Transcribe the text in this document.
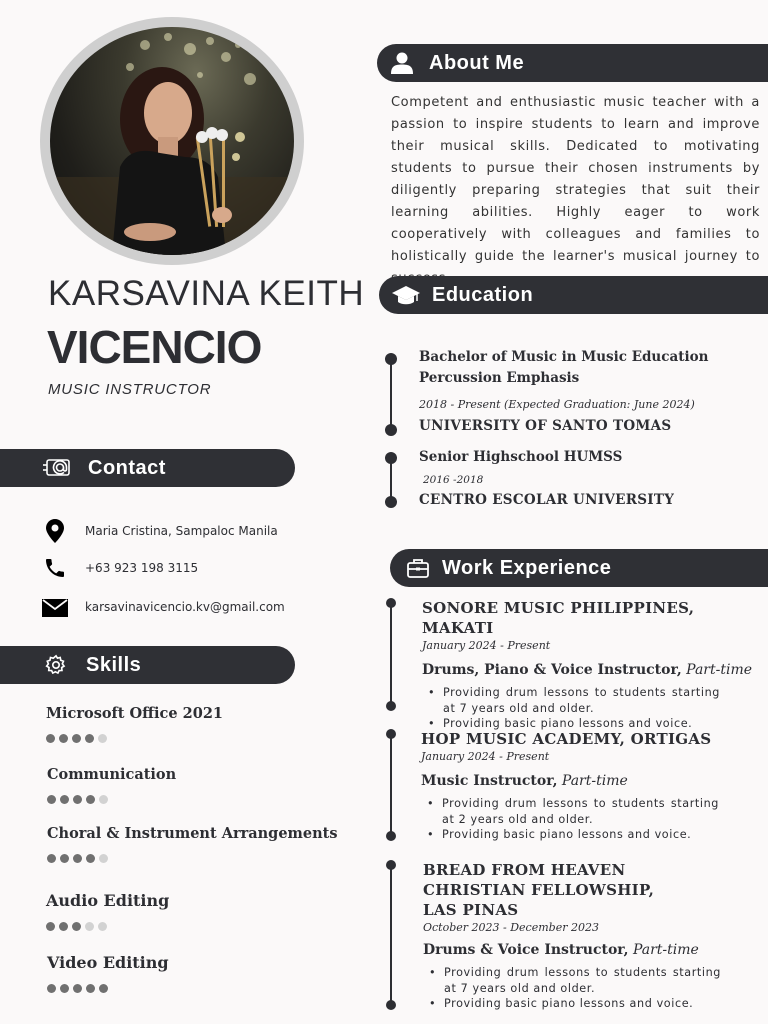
KARSAVINA KEITH
VICENCIO
MUSIC INSTRUCTOR
Contact
Maria Cristina, Sampaloc Manila
+63 923 198 3115
karsavinavicencio.kv@gmail.com
Skills
Microsoft Office 2021
Communication
Choral & Instrument Arrangements
Audio Editing
Video Editing
About Me
Competent and enthusiastic music teacher with a passion to inspire students to learn and improve their musical skills. Dedicated to motivating students to pursue their chosen instruments by diligently preparing strategies that suit their learning abilities. Highly eager to work cooperatively with colleagues and families to holistically guide the learner's musical journey to
Education
Bachelor of Music in Music Education
Percussion Emphasis
2018 - Present (Expected Graduation: June 2024)
UNIVERSITY OF SANTO TOMAS
Senior Highschool HUMSS
2016 -2018
CENTRO ESCOLAR UNIVERSITY
Work Experience
SONORE MUSIC PHILIPPINES, MAKATI
January 2024 - Present
Drums, Piano & Voice Instructor, Part-time
• Providing drum lessons to students starting at 7 years old and older.
• Providing basic piano lessons and voice.
HOP MUSIC ACADEMY, ORTIGAS
January 2024 - Present
Music Instructor, Part-time
• Providing drum lessons to students starting at 2 years old and older.
• Providing basic piano lessons and voice.
BREAD FROM HEAVEN
CHRISTIAN FELLOWSHIP,
LAS PINAS
October 2023 - December 2023
Drums & Voice Instructor, Part-time
• Providing drum lessons to students starting at 7 years old and older.
• Providing basic piano lessons and voice.
